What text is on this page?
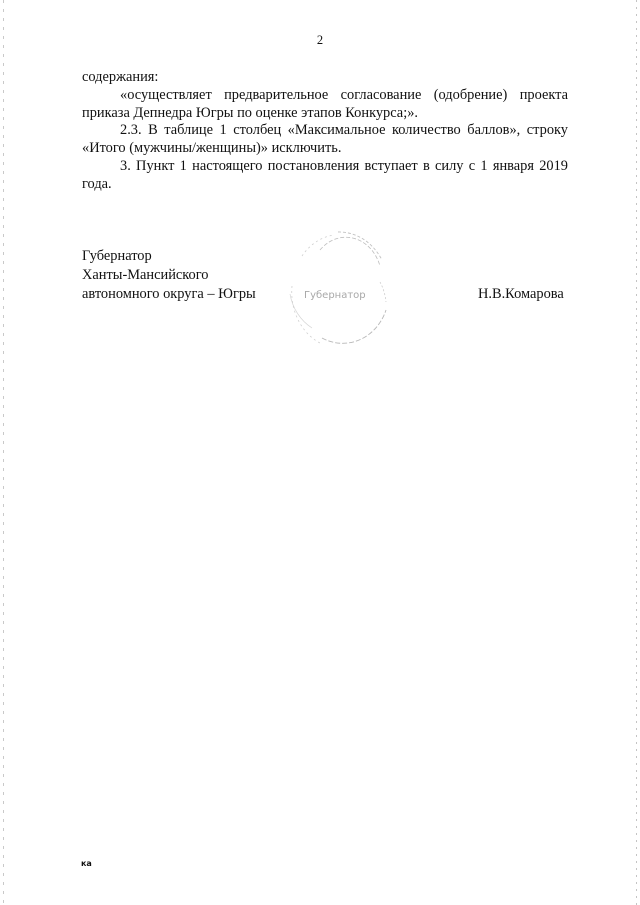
2

содержания:

«осуществляет предварительное согласование (одобрение) проекта приказа Депнедра Югры по оценке этапов Конкурса;».

2.3. В таблице 1 столбец «Максимальное количество баллов», строку «Итого (мужчины/женщины)» исключить.

3. Пункт 1 настоящего постановления вступает в силу с 1 января 2019 года.

Губернатор
Ханты-Мансийского
автономного округа – Югры	Губернатор	Н.В.Комарова
ка
